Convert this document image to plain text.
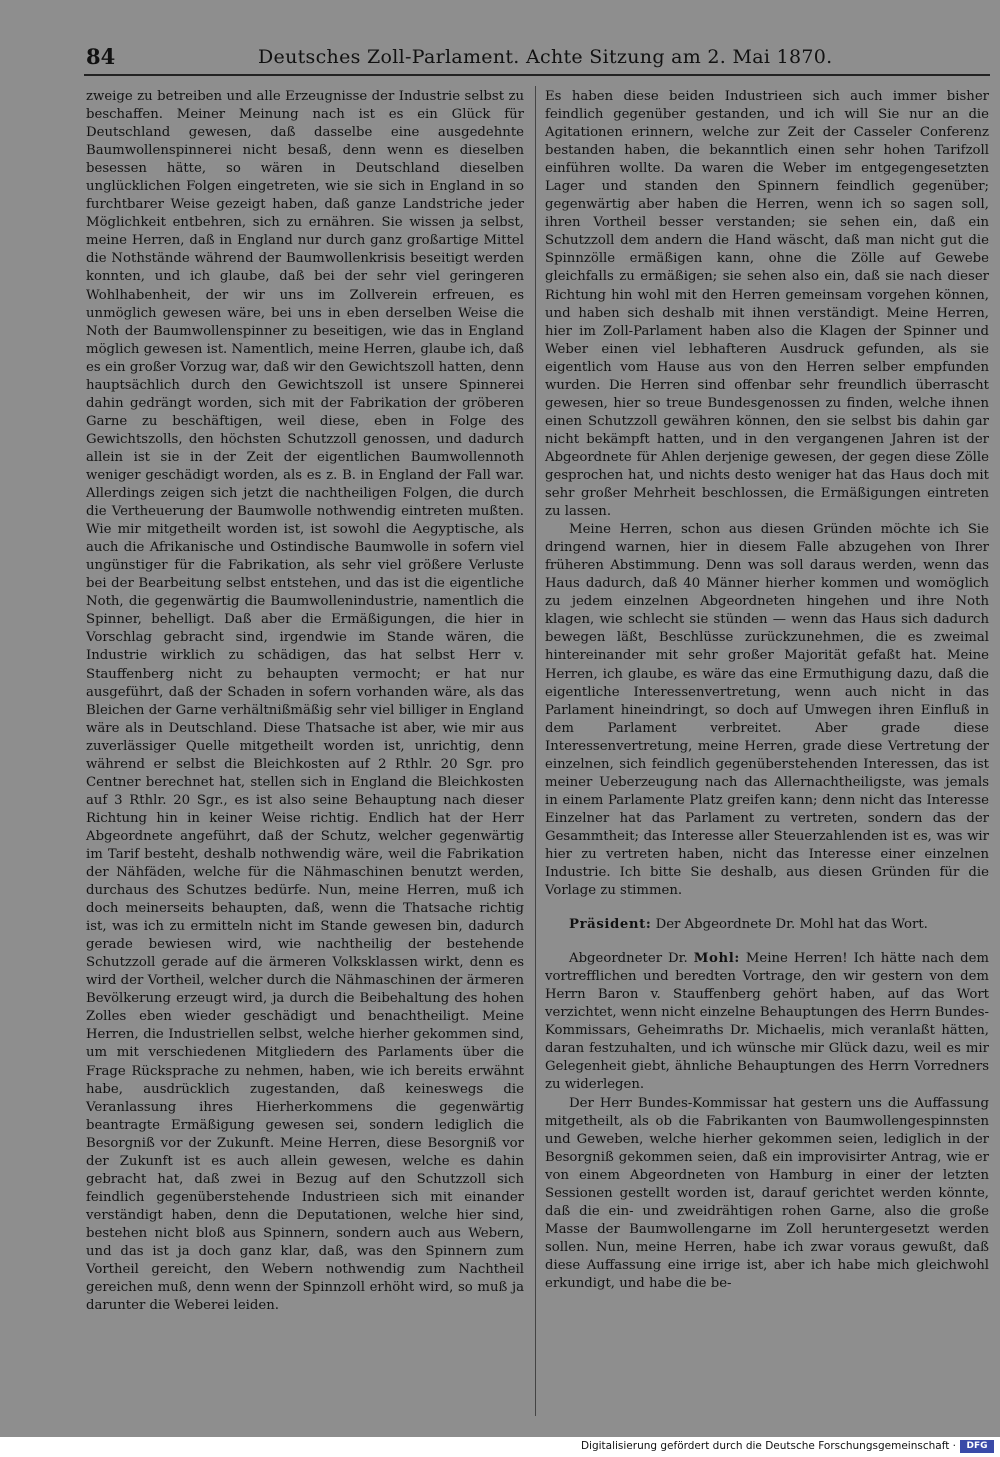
84	Deutsches Zoll-Parlament. Achte Sitzung am 2. Mai 1870.

zweige zu betreiben und alle Erzeugnisse der Industrie selbst zu beschaffen. Meiner Meinung nach ist es ein Glück für Deutschland gewesen, daß dasselbe eine ausgedehnte Baumwollenspinnerei nicht besaß, denn wenn es dieselben besessen hätte, so wären in Deutschland dieselben unglücklichen Folgen eingetreten, wie sie sich in England in so furchtbarer Weise gezeigt haben, daß ganze Landstriche jeder Möglichkeit entbehren, sich zu ernähren. Sie wissen ja selbst, meine Herren, daß in England nur durch ganz großartige Mittel die Nothstände während der Baumwollenkrisis beseitigt werden konnten, und ich glaube, daß bei der sehr viel geringeren Wohlhabenheit, der wir uns im Zollverein erfreuen, es unmöglich gewesen wäre, bei uns in eben derselben Weise die Noth der Baumwollenspinner zu beseitigen, wie das in England möglich gewesen ist. Namentlich, meine Herren, glaube ich, daß es ein großer Vorzug war, daß wir den Gewichtszoll hatten, denn hauptsächlich durch den Gewichtszoll ist unsere Spinnerei dahin gedrängt worden, sich mit der Fabrikation der gröberen Garne zu beschäftigen, weil diese, eben in Folge des Gewichtszolls, den höchsten Schutzzoll genossen, und dadurch allein ist sie in der Zeit der eigentlichen Baumwollennoth weniger geschädigt worden, als es z. B. in England der Fall war. Allerdings zeigen sich jetzt die nachtheiligen Folgen, die durch die Vertheuerung der Baumwolle nothwendig eintreten mußten. Wie mir mitgetheilt worden ist, ist sowohl die Aegyptische, als auch die Afrikanische und Ostindische Baumwolle in sofern viel ungünstiger für die Fabrikation, als sehr viel größere Verluste bei der Bearbeitung selbst entstehen, und das ist die eigentliche Noth, die gegenwärtig die Baumwollenindustrie, namentlich die Spinner, behelligt. Daß aber die Ermäßigungen, die hier in Vorschlag gebracht sind, irgendwie im Stande wären, die Industrie wirklich zu schädigen, das hat selbst Herr v. Stauffenberg nicht zu behaupten vermocht; er hat nur ausgeführt, daß der Schaden in sofern vorhanden wäre, als das Bleichen der Garne verhältnißmäßig sehr viel billiger in England wäre als in Deutschland. Diese Thatsache ist aber, wie mir aus zuverlässiger Quelle mitgetheilt worden ist, unrichtig, denn während er selbst die Bleichkosten auf 2 Rthlr. 20 Sgr. pro Centner berechnet hat, stellen sich in England die Bleichkosten auf 3 Rthlr. 20 Sgr., es ist also seine Behauptung nach dieser Richtung hin in keiner Weise richtig. Endlich hat der Herr Abgeordnete angeführt, daß der Schutz, welcher gegenwärtig im Tarif besteht, deshalb nothwendig wäre, weil die Fabrikation der Nähfäden, welche für die Nähmaschinen benutzt werden, durchaus des Schutzes bedürfe. Nun, meine Herren, muß ich doch meinerseits behaupten, daß, wenn die Thatsache richtig ist, was ich zu ermitteln nicht im Stande gewesen bin, dadurch gerade bewiesen wird, wie nachtheilig der bestehende Schutzzoll gerade auf die ärmeren Volksklassen wirkt, denn es wird der Vortheil, welcher durch die Nähmaschinen der ärmeren Bevölkerung erzeugt wird, ja durch die Beibehaltung des hohen Zolles eben wieder geschädigt und benachtheiligt. Meine Herren, die Industriellen selbst, welche hierher gekommen sind, um mit verschiedenen Mitgliedern des Parlaments über die Frage Rücksprache zu nehmen, haben, wie ich bereits erwähnt habe, ausdrücklich zugestanden, daß keineswegs die Veranlassung ihres Hierherkommens die gegenwärtig beantragte Ermäßigung gewesen sei, sondern lediglich die Besorgniß vor der Zukunft. Meine Herren, diese Besorgniß vor der Zukunft ist es auch allein gewesen, welche es dahin gebracht hat, daß zwei in Bezug auf den Schutzzoll sich feindlich gegenüberstehende Industrieen sich mit einander verständigt haben, denn die Deputationen, welche hier sind, bestehen nicht bloß aus Spinnern, sondern auch aus Webern, und das ist ja doch ganz klar, daß, was den Spinnern zum Vortheil gereicht, den Webern nothwendig zum Nachtheil gereichen muß, denn wenn der Spinnzoll erhöht wird, so muß ja darunter die Weberei leiden.

Es haben diese beiden Industrieen sich auch immer bisher feindlich gegenüber gestanden, und ich will Sie nur an die Agitationen erinnern, welche zur Zeit der Casseler Conferenz bestanden haben, die bekanntlich einen sehr hohen Tarifzoll einführen wollte. Da waren die Weber im entgegengesetzten Lager und standen den Spinnern feindlich gegenüber; gegenwärtig aber haben die Herren, wenn ich so sagen soll, ihren Vortheil besser verstanden; sie sehen ein, daß ein Schutzzoll dem andern die Hand wäscht, daß man nicht gut die Spinnzölle ermäßigen kann, ohne die Zölle auf Gewebe gleichfalls zu ermäßigen; sie sehen also ein, daß sie nach dieser Richtung hin wohl mit den Herren gemeinsam vorgehen können, und haben sich deshalb mit ihnen verständigt. Meine Herren, hier im Zoll-Parlament haben also die Klagen der Spinner und Weber einen viel lebhafteren Ausdruck gefunden, als sie eigentlich vom Hause aus von den Herren selber empfunden wurden. Die Herren sind offenbar sehr freundlich überrascht gewesen, hier so treue Bundesgenossen zu finden, welche ihnen einen Schutzzoll gewähren können, den sie selbst bis dahin gar nicht bekämpft hatten, und in den vergangenen Jahren ist der Abgeordnete für Ahlen derjenige gewesen, der gegen diese Zölle gesprochen hat, und nichts desto weniger hat das Haus doch mit sehr großer Mehrheit beschlossen, die Ermäßigungen eintreten zu lassen.

Meine Herren, schon aus diesen Gründen möchte ich Sie dringend warnen, hier in diesem Falle abzugehen von Ihrer früheren Abstimmung. Denn was soll daraus werden, wenn das Haus dadurch, daß 40 Männer hierher kommen und womöglich zu jedem einzelnen Abgeordneten hingehen und ihre Noth klagen, wie schlecht sie stünden — wenn das Haus sich dadurch bewegen läßt, Beschlüsse zurückzunehmen, die es zweimal hintereinander mit sehr großer Majorität gefaßt hat. Meine Herren, ich glaube, es wäre das eine Ermuthigung dazu, daß die eigentliche Interessenvertretung, wenn auch nicht in das Parlament hineindringt, so doch auf Umwegen ihren Einfluß in dem Parlament verbreitet. Aber grade diese Interessenvertretung, meine Herren, grade diese Vertretung der einzelnen, sich feindlich gegenüberstehenden Interessen, das ist meiner Ueberzeugung nach das Allernachtheiligste, was jemals in einem Parlamente Platz greifen kann; denn nicht das Interesse Einzelner hat das Parlament zu vertreten, sondern das der Gesammtheit; das Interesse aller Steuerzahlenden ist es, was wir hier zu vertreten haben, nicht das Interesse einer einzelnen Industrie. Ich bitte Sie deshalb, aus diesen Gründen für die Vorlage zu stimmen.

Präsident: Der Abgeordnete Dr. Mohl hat das Wort.

Abgeordneter Dr. Mohl: Meine Herren! Ich hätte nach dem vortrefflichen und beredten Vortrage, den wir gestern von dem Herrn Baron v. Stauffenberg gehört haben, auf das Wort verzichtet, wenn nicht einzelne Behauptungen des Herrn Bundes-Kommissars, Geheimraths Dr. Michaelis, mich veranlaßt hätten, daran festzuhalten, und ich wünsche mir Glück dazu, weil es mir Gelegenheit giebt, ähnliche Behauptungen des Herrn Vorredners zu widerlegen.

Der Herr Bundes-Kommissar hat gestern uns die Auffassung mitgetheilt, als ob die Fabrikanten von Baumwollengespinnsten und Geweben, welche hierher gekommen seien, lediglich in der Besorgniß gekommen seien, daß ein improvisirter Antrag, wie er von einem Abgeordneten von Hamburg in einer der letzten Sessionen gestellt worden ist, darauf gerichtet werden könnte, daß die ein- und zweidrähtigen rohen Garne, also die große Masse der Baumwollengarne im Zoll heruntergesetzt werden sollen. Nun, meine Herren, habe ich zwar voraus gewußt, daß diese Auffassung eine irrige ist, aber ich habe mich gleichwohl erkundigt, und habe die be-

Digitalisierung gefördert durch die Deutsche Forschungsgemeinschaft ·	DFG
